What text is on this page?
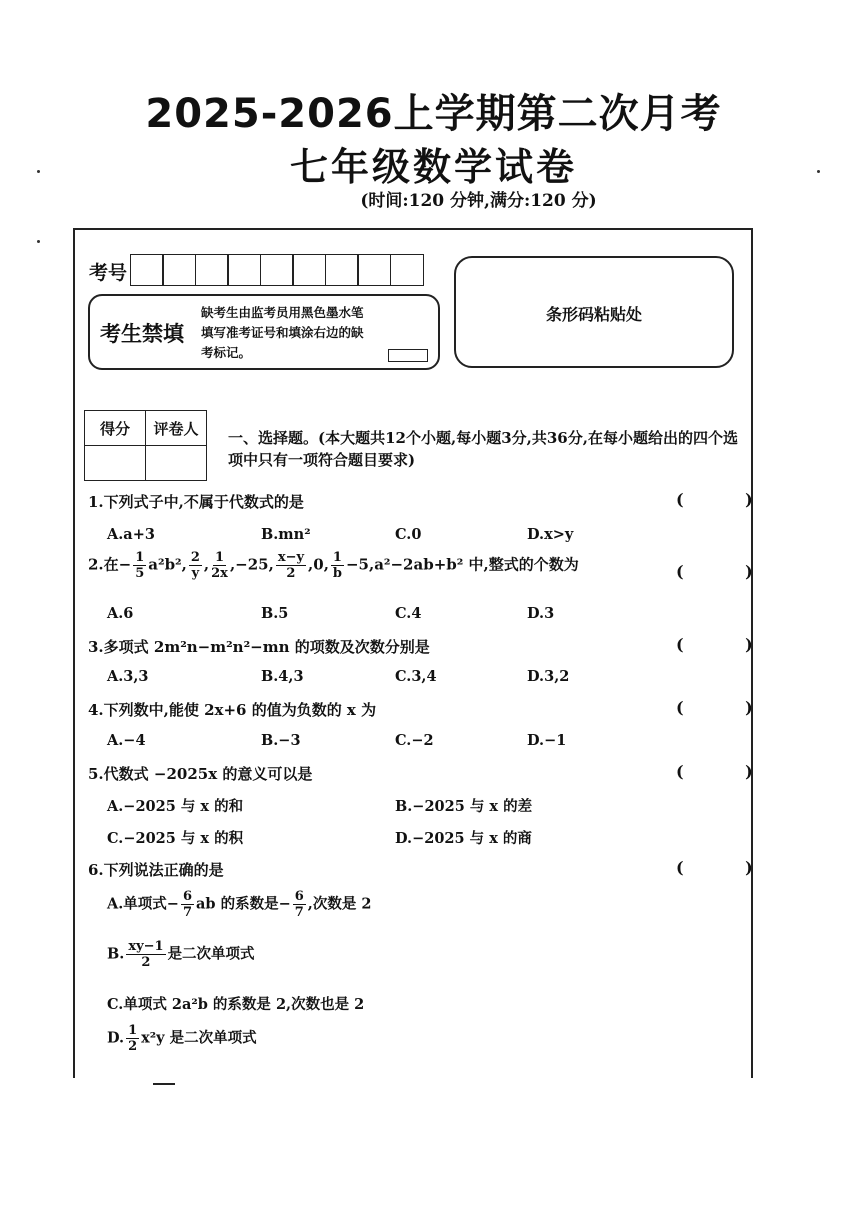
2025-2026上学期第二次月考
七年级数学试卷
(时间:120 分钟,满分:120 分)
考号
考生禁填
缺考生由监考员用黑色墨水笔填写准考证号和填涂右边的缺考标记。
条形码粘贴处
得分	评卷人

一、选择题。(本大题共12个小题,每小题3分,共36分,在每小题给出的四个选项中只有一项符合题目要求)
1.下列式子中,不属于代数式的是	( )
A.a+3	B.mn²	C.0	D.x>y
2.在− $\frac{1}{5} a^2b^2$, $\frac{2}{y}$ , $\frac{1}{2x} ,-25$, $\frac{x-y}{2} ,0$, $\frac{1}{b} -5,a^2-2ab+b^2$ 中,整式的个数为	( )
A.6	B.5	C.4	D.3
3.多项式 2m²n−m²n²−mn 的项数及次数分别是	( )
A.3,3	B.4,3	C.3,4	D.3,2
4.下列数中,能使 2x+6 的值为负数的 x 为	( )
A.−4	B.−3	C.−2	D.−1
5.代数式 −2025x 的意义可以是	( )
A.−2025 与 x 的和	B.−2025 与 x 的差
C.−2025 与 x 的积	D.−2025 与 x 的商
6.下列说法正确的是	( )
A.单项式− $\frac{6}{7}$ ab 的系数是− $\frac{6}{7}$ ,次数是 2
B. $\frac{xy-1}{2}$ 是二次单项式
C.单项式 2a²b 的系数是 2,次数也是 2
D. $\frac{1}{2} x^2y$ 是二次单项式
